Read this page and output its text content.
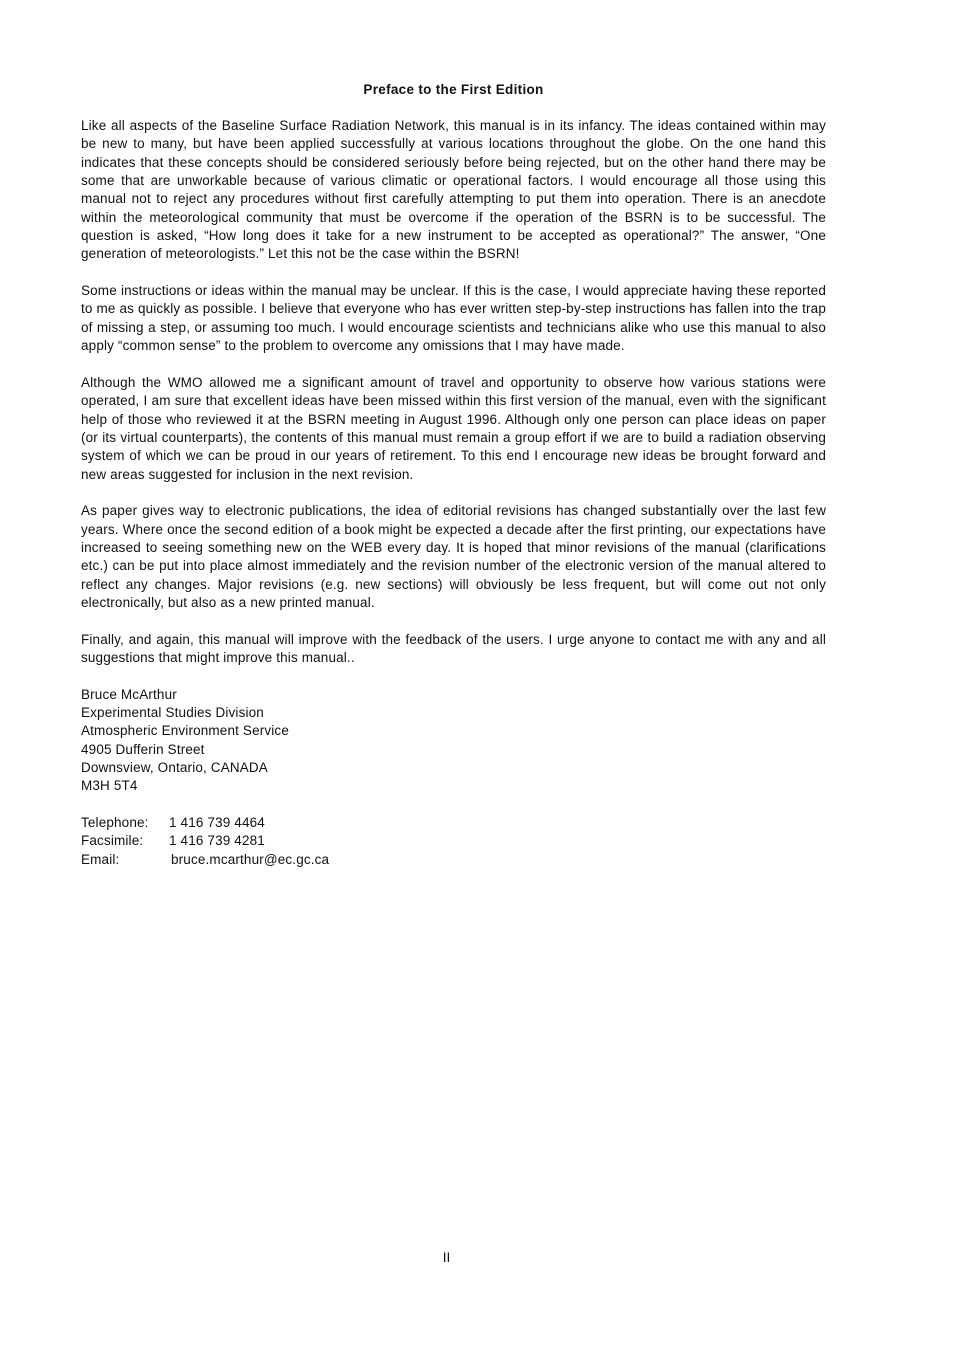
Preface to the First Edition

Like all aspects of the Baseline Surface Radiation Network, this manual is in its infancy. The ideas contained within may be new to many, but have been applied successfully at various locations throughout the globe. On the one hand this indicates that these concepts should be considered seriously before being rejected, but on the other hand there may be some that are unworkable because of various climatic or operational factors. I would encourage all those using this manual not to reject any procedures without first carefully attempting to put them into operation. There is an anecdote within the meteorological community that must be overcome if the operation of the BSRN is to be successful. The question is asked, “How long does it take for a new instrument to be accepted as operational?” The answer, “One generation of meteorologists.” Let this not be the case within the BSRN!

Some instructions or ideas within the manual may be unclear. If this is the case, I would appreciate having these reported to me as quickly as possible. I believe that everyone who has ever written step-by-step instructions has fallen into the trap of missing a step, or assuming too much. I would encourage scientists and technicians alike who use this manual to also apply “common sense” to the problem to overcome any omissions that I may have made.

Although the WMO allowed me a significant amount of travel and opportunity to observe how various stations were operated, I am sure that excellent ideas have been missed within this first version of the manual, even with the significant help of those who reviewed it at the BSRN meeting in August 1996. Although only one person can place ideas on paper (or its virtual counterparts), the contents of this manual must remain a group effort if we are to build a radiation observing system of which we can be proud in our years of retirement. To this end I encourage new ideas be brought forward and new areas suggested for inclusion in the next revision.

As paper gives way to electronic publications, the idea of editorial revisions has changed substantially over the last few years. Where once the second edition of a book might be expected a decade after the first printing, our expectations have increased to seeing something new on the WEB every day. It is hoped that minor revisions of the manual (clarifications etc.) can be put into place almost immediately and the revision number of the electronic version of the manual altered to reflect any changes. Major revisions (e.g. new sections) will obviously be less frequent, but will come out not only electronically, but also as a new printed manual.

Finally, and again, this manual will improve with the feedback of the users. I urge anyone to contact me with any and all suggestions that might improve this manual..

Bruce McArthur
Experimental Studies Division
Atmospheric Environment Service
4905 Dufferin Street
Downsview, Ontario, CANADA
M3H 5T4
Telephone:	1 416 739 4464
Facsimile:	1 416 739 4281
Email:	bruce.mcarthur@ec.gc.ca
II
